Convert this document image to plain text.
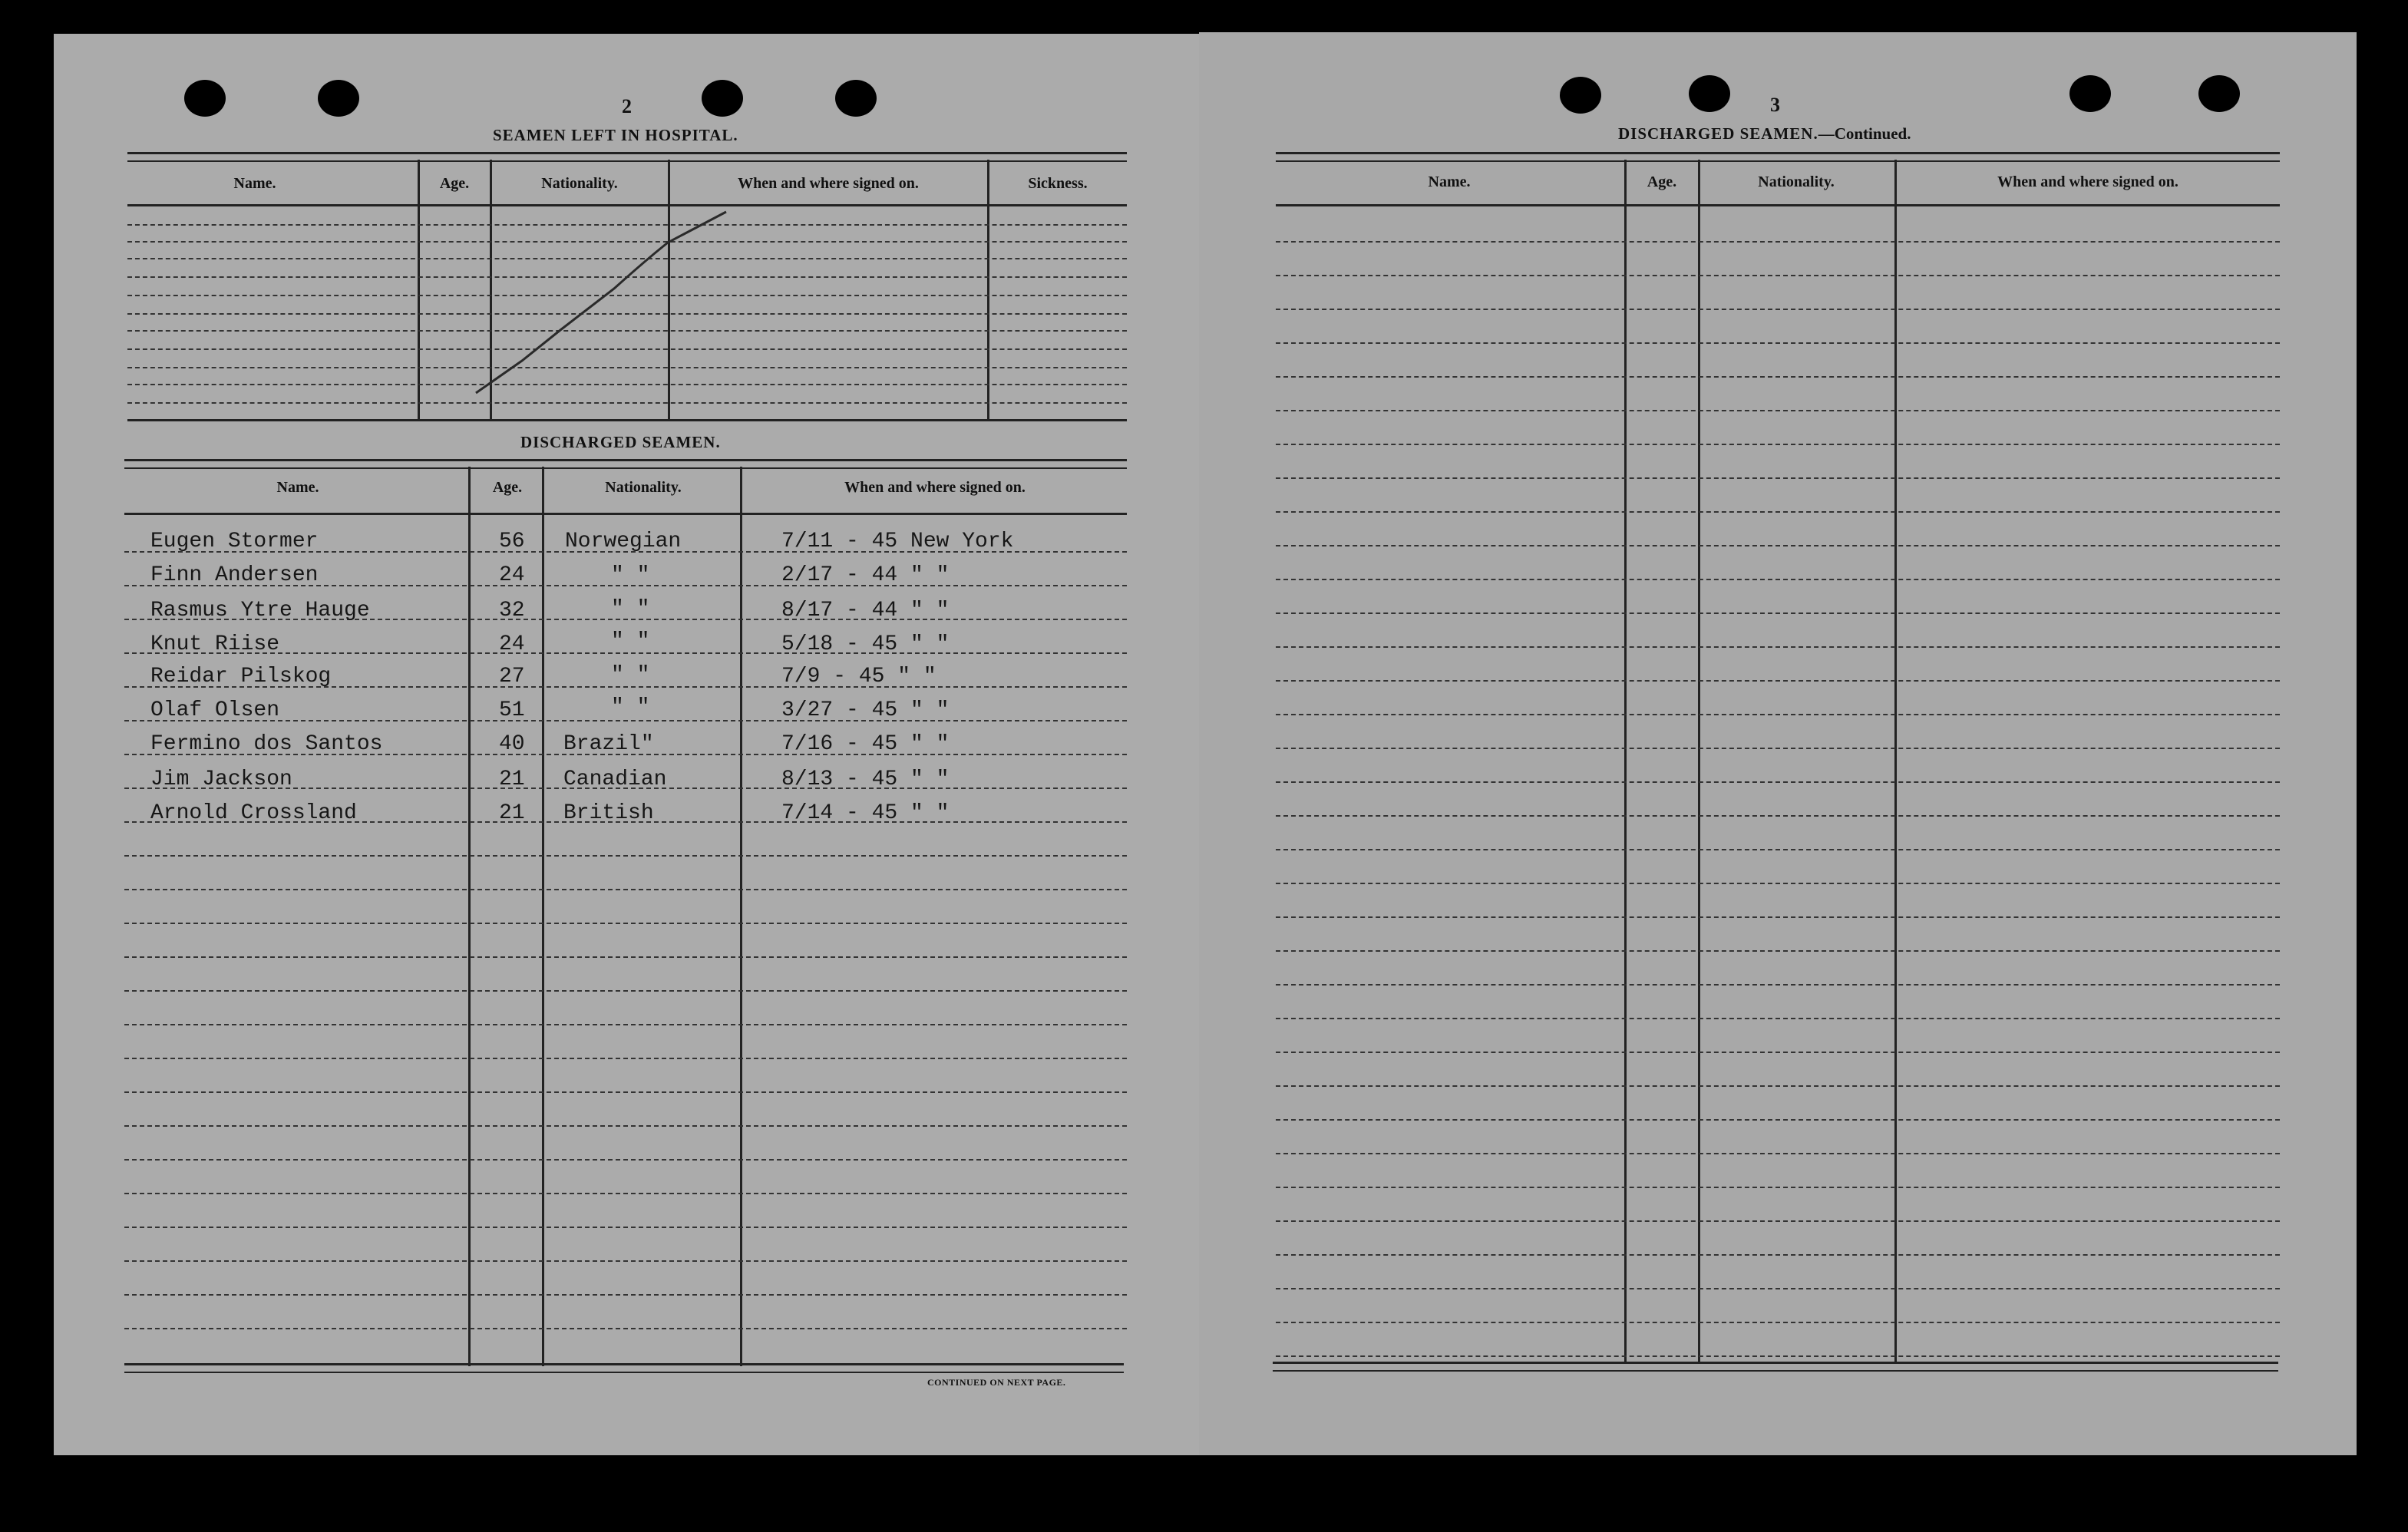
2
SEAMEN LEFT IN HOSPITAL.
Name.	Age.	Nationality.	When and where signed on.	Sickness.
DISCHARGED SEAMEN.
Name.	Age.	Nationality.	When and where signed on.
Eugen Stormer	56 Norwegian	7/11 - 45 New York
Finn Andersen	24	" "	2/17 - 44 " "
Rasmus Ytre Hauge	32	" "	8/17 - 44 " "
Knut Riise	24	" "	5/18 - 45 " "
Reidar Pilskog	27	" "	7/9 - 45 " "
Olaf Olsen	51	" "	3/27 - 45 " "
Fermino dos Santos	40 Brazil"	7/16 - 45 " "
Jim Jackson	21 Canadian	8/13 - 45 " "
Arnold Crossland	21 British	7/14 - 45 " "
CONTINUED ON NEXT PAGE.
3
DISCHARGED SEAMEN.—Continued.
Name.	Age.	Nationality.	When and where signed on.
